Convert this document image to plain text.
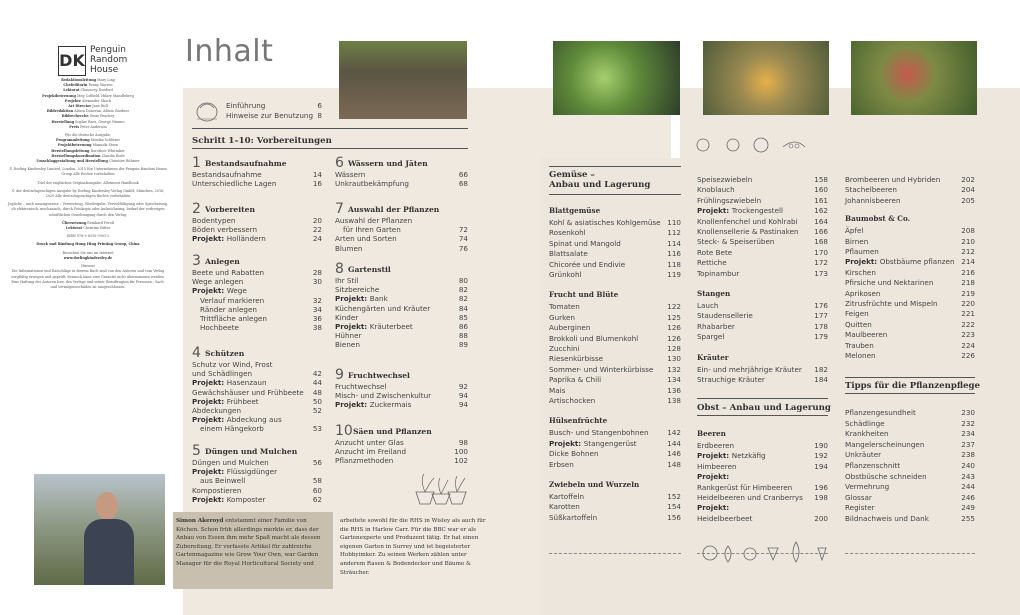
DK
Penguin
Random
House

Redaktionsleitung Mary Ling
Chefeditorin Penny Warren
Lektorat Chauncey Dunford
Projektbetreuung Meg Coffield, Hilary Mandleberg
Projekte Alexander Skoch
Art Director Jane Bull
Bildredaktion Alison Donovan, Alison Gardner
Bildrecherche Susie Peachey
Herstellung Sophie Bacs, George Nimmo
Preis Peter Anderson

Für die deutsche Ausgabe:
Programmleitung Monika Schlitzer
Projektbetreuung Manuela Stern
Herstellungsleitung Dorothee Whittaker
Herstellungskoordination Claudia Rode
Umschlaggestaltung und Herstellung Christine Rühmer

© Dorling Kindersley Limited, London, 2015 Ein Unternehmen der Penguin Random House Group Alle Rechte vorbehalten

Titel der englischen Originalausgabe: Allotment Handbook

© der deutschsprachigen Ausgabe by Dorling Kindersley Verlag GmbH, München, 2016, 2020 Alle deutschsprachigen Rechte vorbehalten

Jegliche – auch auszugsweise – Verwertung, Wiedergabe, Vervielfältigung oder Speicherung, ob elektronisch, mechanisch, durch Fotokopie oder Aufzeichnung, bedarf der vorherigen schriftlichen Genehmigung durch den Verlag.

Übersetzung Reinhard Ferstl
Lektorat Christine Ritter

ISBN 978-3-8310-3901-2

Druck und Bindung Hung Hing Printing Group, China

Besuchen Sie uns im Internet
www.dorlingkindersley.de

Hinweis
Die Informationen und Ratschläge in diesem Buch sind von den Autoren und vom Verlag sorgfältig erwogen und geprüft, dennoch kann eine Garantie nicht übernommen werden. Eine Haftung der Autoren bzw. des Verlags und seiner Beauftragten für Personen-, Sach- und Vermögensschäden ist ausgeschlossen.

Inhalt
Einführung	6
Hinweise zur Benutzung 8
Schritt 1–10: Vorbereitungen
1 Bestandsaufnahme
Bestandsaufnahme	14
Unterschiedliche Lagen	16
2 Vorbereiten
Bodentypen	20
Böden verbessern	22
Projekt: Holländern	24
3 Anlegen
Beete und Rabatten	28
Wege anlegen	30
Projekt: Wege
Verlauf markieren	32
Ränder anlegen	34
Trittfläche anlegen	36
Hochbeete	38
4 Schützen
Schutz vor Wind, Frost
und Schädlingen	42
Projekt: Hasenzaun	44
Gewächshäuser und Frühbeete 48
Projekt: Frühbeet	50
Abdeckungen	52
Projekt: Abdeckung aus
einem Hängekorb	53
5 Düngen und Mulchen
Düngen und Mulchen	56
Projekt: Flüssigdünger
aus Beinwell	58
Kompostieren	60
Projekt: Komposter	62
6 Wässern und Jäten
Wässern	66
Unkrautbekämpfung	68
7 Auswahl der Pflanzen
Auswahl der Pflanzen
für Ihren Garten	72
Arten und Sorten	74
Blumen	76
8 Gartenstil
Ihr Stil	80
Sitzbereiche	82
Projekt: Bank	82
Küchengärten und Kräuter	84
Kinder	85
Projekt: Kräuterbeet	86
Hühner	88
Bienen	89
9 Fruchtwechsel
Fruchtwechsel	92
Misch- und Zwischenkultur	94
Projekt: Zuckermais	94
10 Säen und Pflanzen
Anzucht unter Glas	98
Anzucht im Freiland	100
Pflanzmethoden	102
Gemüse –
Anbau und Lagerung
Blattgemüse
Kohl & asiatisches Kohlgemüse 110
Rosenkohl	112
Spinat und Mangold	114
Blattsalate	116
Chicorée und Endivie	118
Grünkohl	119
Frucht und Blüte
Tomaten	122
Gurken	125
Auberginen	126
Brokkoli und Blumenkohl	126
Zucchini	128
Riesenkürbisse	130
Sommer- und Winterkürbisse 132
Paprika & Chili	134
Mais	136
Artischocken	138
Hülsenfrüchte
Busch- und Stangenbohnen	142
Projekt: Stangengerüst	144
Dicke Bohnen	146
Erbsen	148
Zwiebeln und Wurzeln
Kartoffeln	152
Karotten	154
Süßkartoffeln	156
Speisezwiebeln	158
Knoblauch	160
Frühlingszwiebeln	161
Projekt: Trockengestell	162
Knollenfenchel und Kohlrabi 164
Knollensellerie & Pastinaken 166
Steck- & Speiserüben	168
Rote Bete	170
Rettiche	172
Topinambur	173
Stangen
Lauch	176
Staudensellerie	177
Rhabarber	178
Spargel	179
Kräuter
Ein- und mehrjährige Kräuter 182
Strauchige Kräuter	184
Obst – Anbau und Lagerung
Beeren
Erdbeeren	190
Projekt: Netzkäfig	192
Himbeeren	194
Projekt:
Rankgerüst für Himbeeren	196
Heidelbeeren und Cranberrys 198
Projekt:
Heidelbeerbeet	200
Brombeeren und Hybriden	202
Stachelbeeren	204
Johannisbeeren	205
Baumobst & Co.
Äpfel	208
Birnen	210
Pflaumen	212
Projekt: Obstbäume pflanzen 214
Kirschen	216
Pfirsiche und Nektarinen	218
Aprikosen	219
Zitrusfrüchte und Mispeln	220
Feigen	221
Quitten	222
Maulbeeren	223
Trauben	224
Melonen	226
Tipps für die Pflanzenpflege
Pflanzengesundheit	230
Schädlinge	232
Krankheiten	234
Mangelerscheinungen	237
Unkräuter	238
Pflanzenschnitt	240
Obstbüsche schneiden	243
Vermehrung	244
Glossar	246
Register	249
Bildnachweis und Dank	255
Simon Akeroyd entstammt einer Familie von Köchen. Schon früh allerdings merkte er, dass der Anbau von Essen ihm mehr Spaß macht als dessen Zubereitung. Er verfasste Artikel für zahlreiche Gartenmagazine wie Grow Your Own, war Garden Manager für die Royal Horticultural Society und
arbeitete sowohl für die RHS in Wisley als auch für die RHS in Harlow Carr. Für die BBC war er als Gartenexperte und Produzent tätig. Er hat einen eigenen Garten in Surrey und ist begeisterter Hobbyimker. Zu seinen Werken zählen unter anderem Rasen & Bodendecker und Bäume & Sträucher.
